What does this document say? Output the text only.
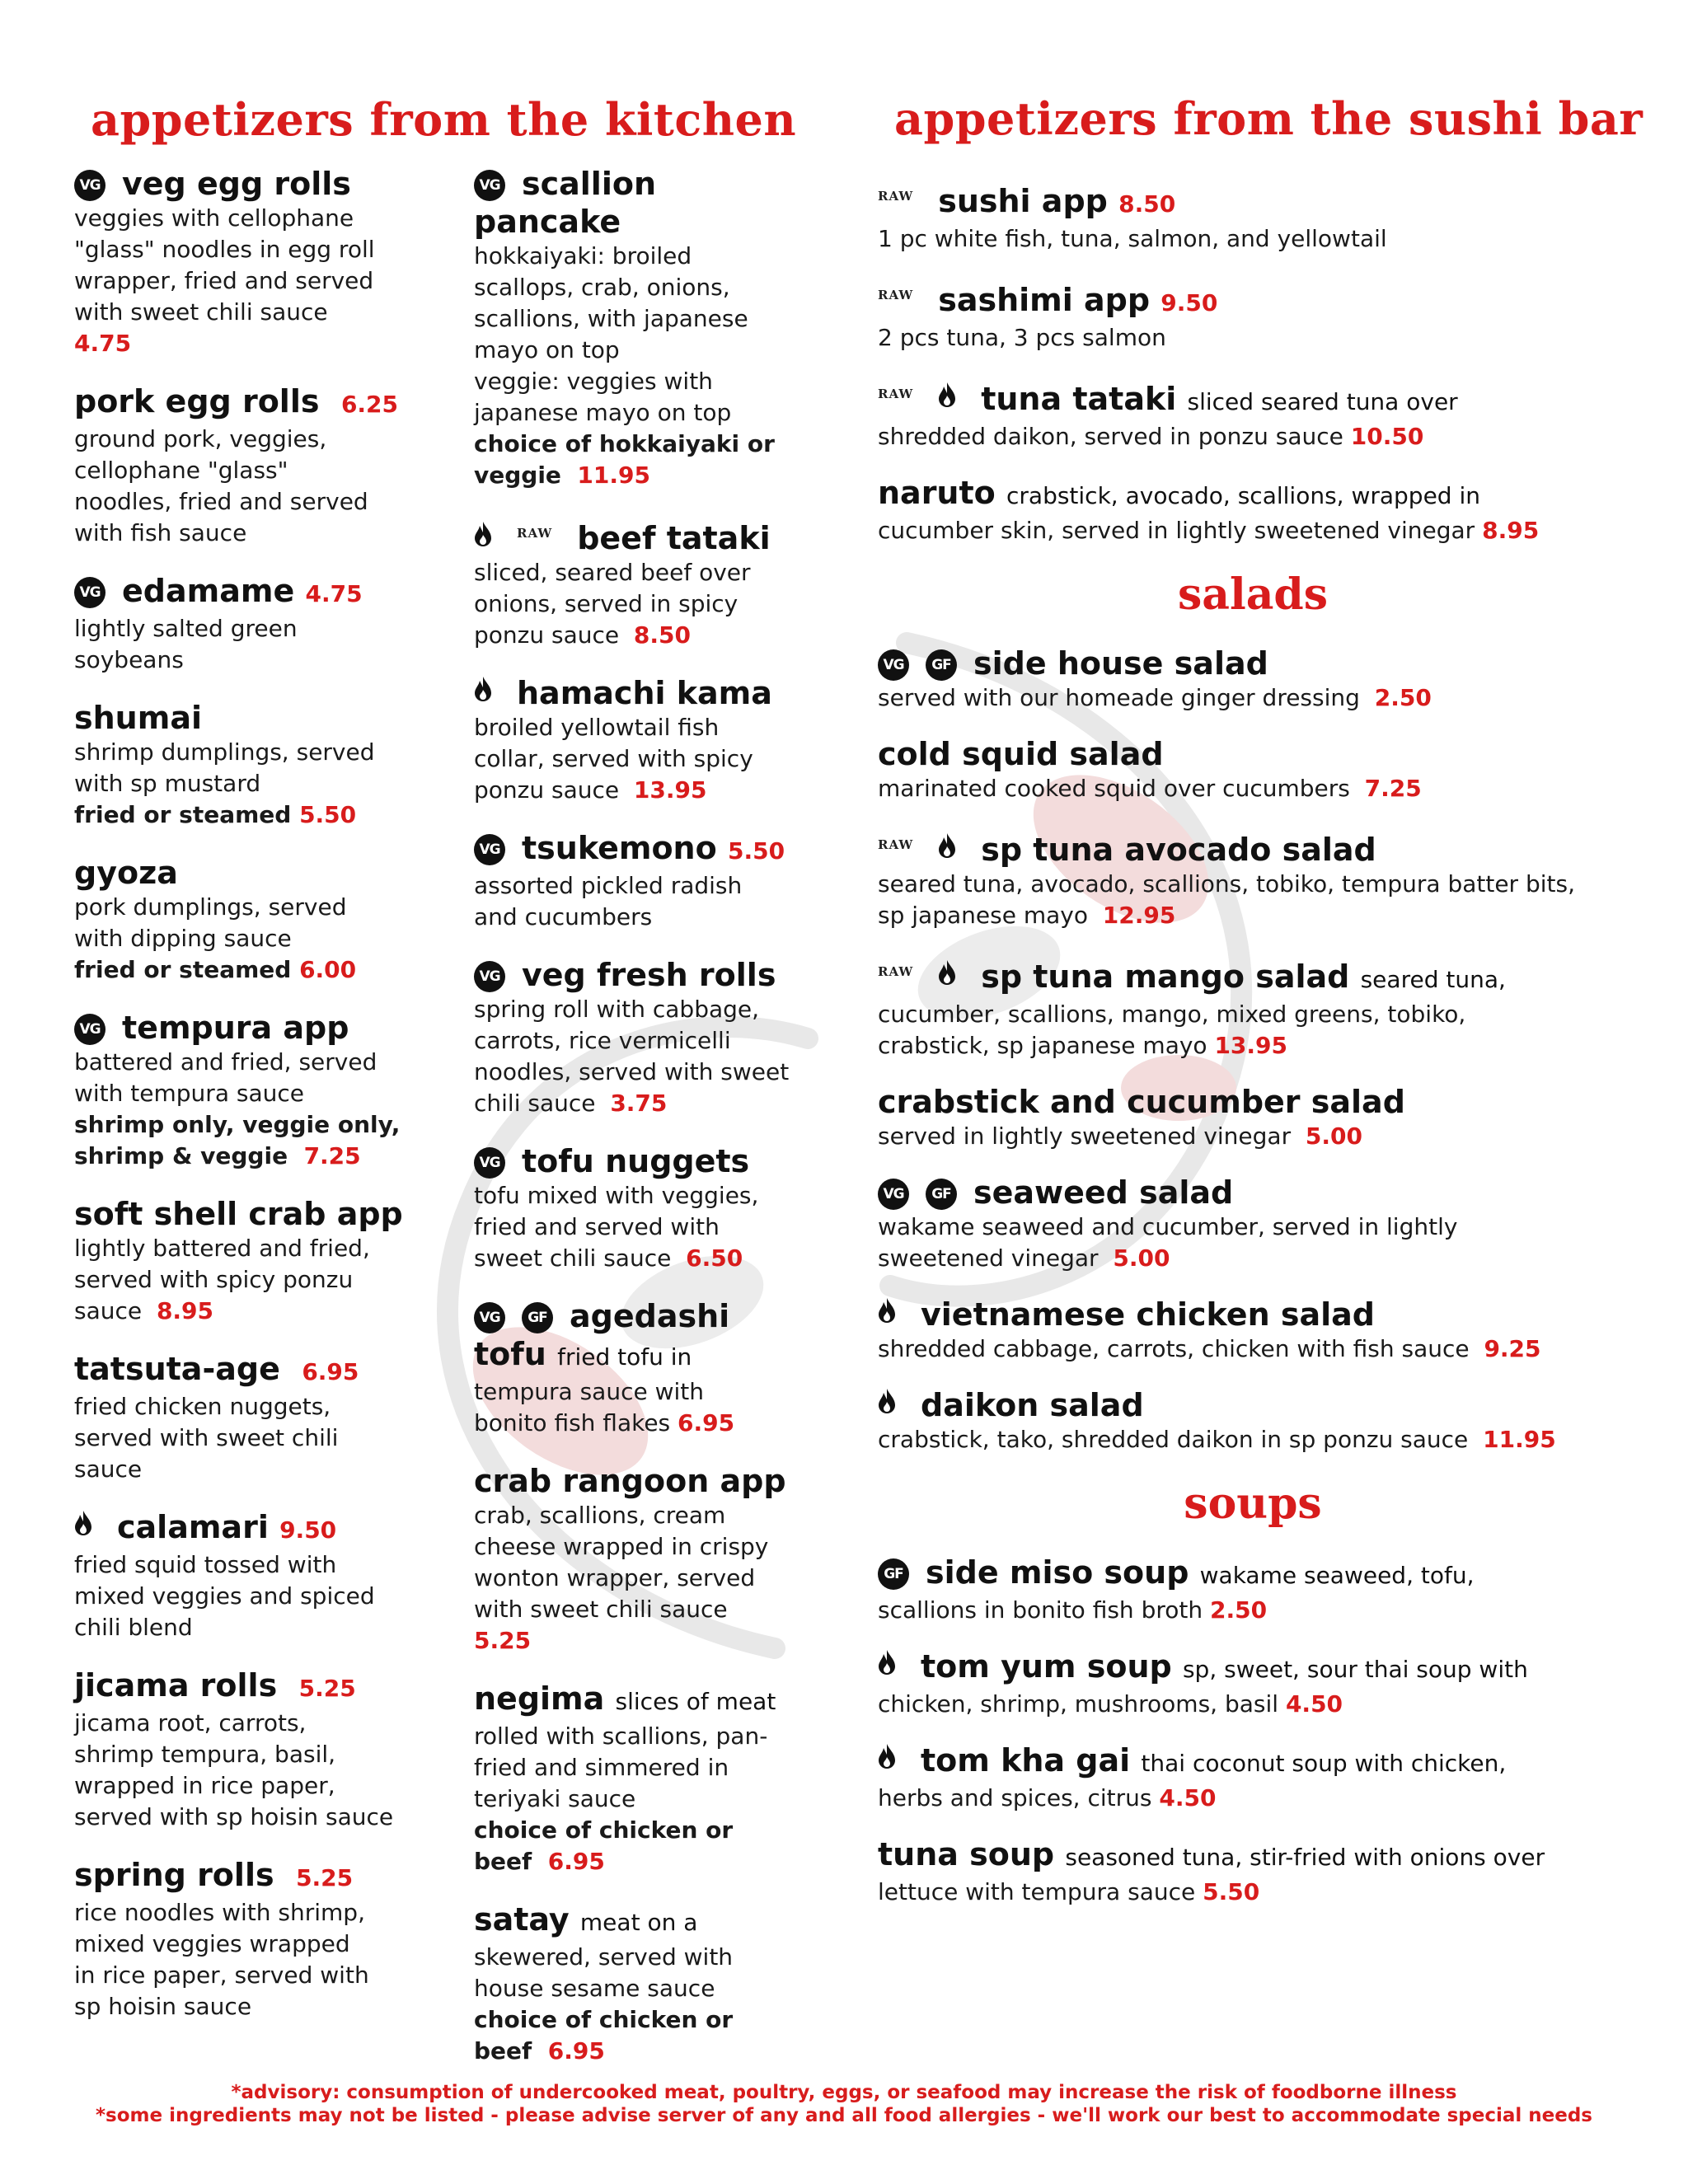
appetizers from the kitchen appetizers from the sushi bar
VG veg egg rolls
veggies with cellophane
"glass" noodles in egg roll
wrapper, fried and served
with sweet chili sauce
4.75
pork egg rolls 6.25
ground pork, veggies,
cellophane "glass"
noodles, fried and served
with fish sauce
VG edamame 4.75
lightly salted green
soybeans
shumai
shrimp dumplings, served
with sp mustard
fried or steamed 5.50
gyoza
pork dumplings, served
with dipping sauce
fried or steamed 6.00
VG tempura app
battered and fried, served
with tempura sauce
shrimp only, veggie only,
shrimp & veggie 7.25
soft shell crab app
lightly battered and fried,
served with spicy ponzu
sauce 8.95
tatsuta-age 6.95
fried chicken nuggets,
served with sweet chili
sauce
calamari 9.50
fried squid tossed with
mixed veggies and spiced
chili blend
jicama rolls 5.25
jicama root, carrots,
shrimp tempura, basil,
wrapped in rice paper,
served with sp hoisin sauce
spring rolls 5.25
rice noodles with shrimp,
mixed veggies wrapped
in rice paper, served with
sp hoisin sauce
VG scallion
pancake
hokkaiyaki: broiled
scallops, crab, onions,
scallions, with japanese
mayo on top
veggie: veggies with
japanese mayo on top
choice of hokkaiyaki or
veggie 11.95
RAW beef tataki
sliced, seared beef over
onions, served in spicy
ponzu sauce 8.50
hamachi kama
broiled yellowtail fish
collar, served with spicy
ponzu sauce 13.95
VG tsukemono 5.50
assorted pickled radish
and cucumbers
VG veg fresh rolls
spring roll with cabbage,
carrots, rice vermicelli
noodles, served with sweet
chili sauce 3.75
VG tofu nuggets
tofu mixed with veggies,
fried and served with
sweet chili sauce 6.50
VG GF agedashi
tofu fried tofu in
tempura sauce with
bonito fish flakes 6.95
crab rangoon app
crab, scallions, cream
cheese wrapped in crispy
wonton wrapper, served
with sweet chili sauce
5.25
negima slices of meat
rolled with scallions, pan-
fried and simmered in
teriyaki sauce
choice of chicken or
beef 6.95
satay meat on a
skewered, served with
house sesame sauce
choice of chicken or
beef 6.95
RAW sushi app 8.50
1 pc white fish, tuna, salmon, and yellowtail
RAW sashimi app 9.50
2 pcs tuna, 3 pcs salmon
RAW tuna tataki sliced seared tuna over
shredded daikon, served in ponzu sauce 10.50
naruto crabstick, avocado, scallions, wrapped in
cucumber skin, served in lightly sweetened vinegar 8.95
salads
VG GF side house salad
served with our homeade ginger dressing 2.50
cold squid salad
marinated cooked squid over cucumbers 7.25
RAW sp tuna avocado salad
seared tuna, avocado, scallions, tobiko, tempura batter bits,
sp japanese mayo 12.95
RAW sp tuna mango salad seared tuna,
cucumber, scallions, mango, mixed greens, tobiko,
crabstick, sp japanese mayo 13.95
crabstick and cucumber salad
served in lightly sweetened vinegar 5.00
VG GF seaweed salad
wakame seaweed and cucumber, served in lightly
sweetened vinegar 5.00
vietnamese chicken salad
shredded cabbage, carrots, chicken with fish sauce 9.25
daikon salad
crabstick, tako, shredded daikon in sp ponzu sauce 11.95
soups
GF side miso soup wakame seaweed, tofu,
scallions in bonito fish broth 2.50
tom yum soup sp, sweet, sour thai soup with
chicken, shrimp, mushrooms, basil 4.50
tom kha gai thai coconut soup with chicken,
herbs and spices, citrus 4.50
tuna soup seasoned tuna, stir-fried with onions over
lettuce with tempura sauce 5.50
*advisory: consumption of undercooked meat, poultry, eggs, or seafood may increase the risk of foodborne illness
*some ingredients may not be listed - please advise server of any and all food allergies - we'll work our best to accommodate special needs
